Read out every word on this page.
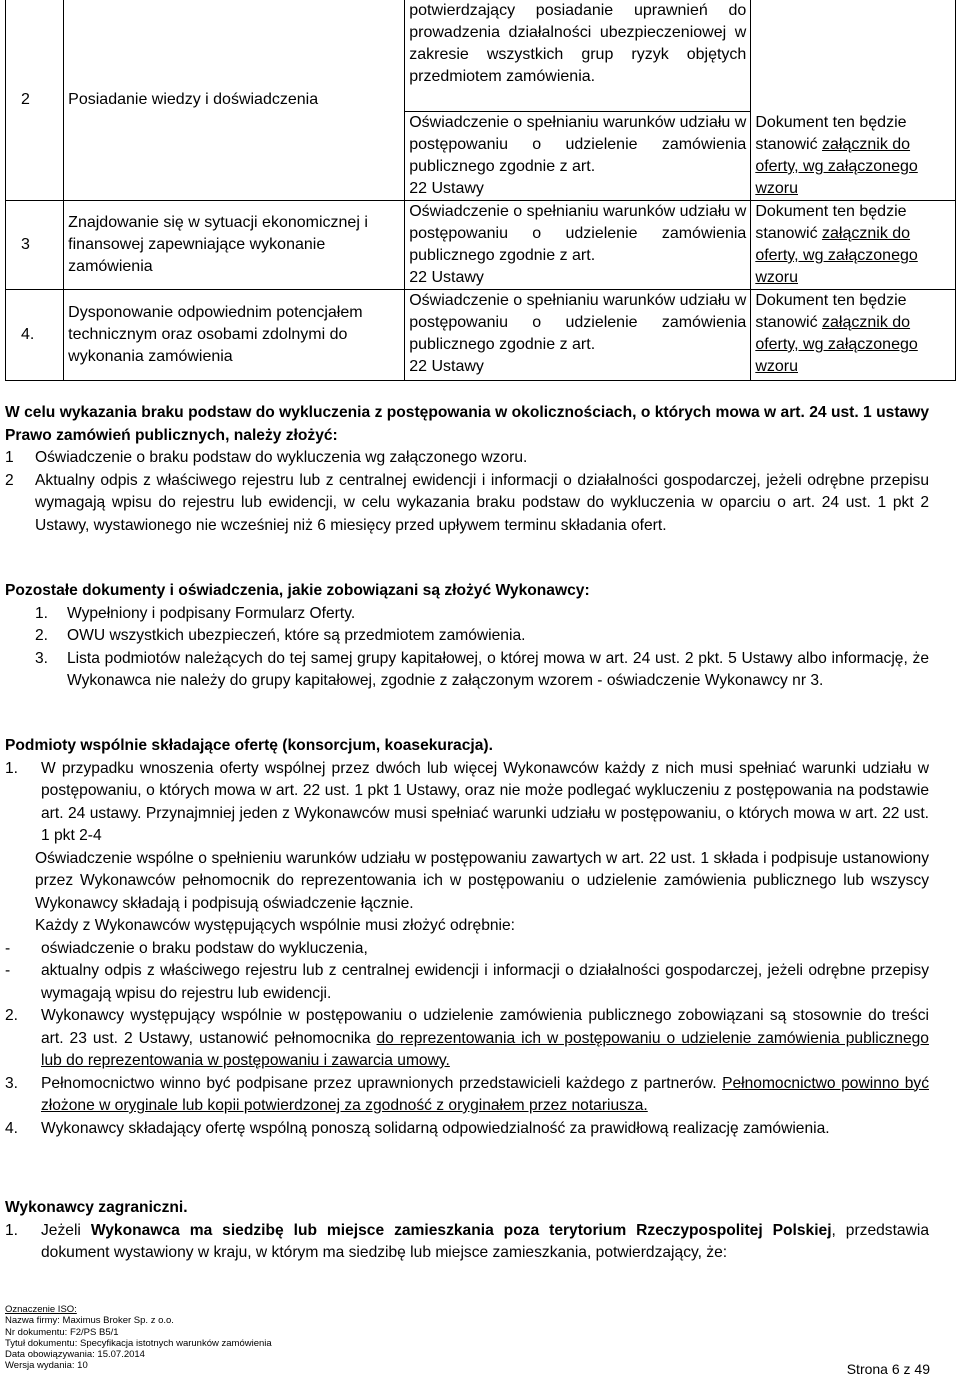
2	Posiadanie wiedzy i doświadczenia	potwierdzający posiadanie uprawnień do prowadzenia działalności ubezpieczeniowej w zakresie wszystkich grup ryzyk objętych przedmiotem zamówienia.	Dokument ten będzie
stanowić załącznik do
oferty, wg załączonego
wzoru
		Oświadczenie o spełnianiu warunków udziału w postępowaniu o udzielenie zamówienia publicznego zgodnie z art.
22 Ustawy	
3	Znajdowanie się w sytuacji ekonomicznej i finansowej zapewniające wykonanie zamówienia	Oświadczenie o spełnianiu warunków udziału w postępowaniu o udzielenie zamówienia publicznego zgodnie z art.
22 Ustawy	Dokument ten będzie
stanowić załącznik do
oferty, wg załączonego
wzoru
4.	Dysponowanie odpowiednim potencjałem technicznym oraz osobami zdolnymi do wykonania zamówienia	Oświadczenie o spełnianiu warunków udziału w postępowaniu o udzielenie zamówienia publicznego zgodnie z art.
22 Ustawy	Dokument ten będzie
stanowić załącznik do
oferty, wg załączonego
wzoru
W celu wykazania braku podstaw do wykluczenia z postępowania w okolicznościach, o których mowa w art. 24 ust. 1 ustawy Prawo zamówień publicznych, należy złożyć:
1 Oświadczenie o braku podstaw do wykluczenia wg załączonego wzoru.
2 Aktualny odpis z właściwego rejestru lub z centralnej ewidencji i informacji o działalności gospodarczej, jeżeli odrębne przepisu wymagają wpisu do rejestru lub ewidencji, w celu wykazania braku podstaw do wykluczenia w oparciu o art. 24 ust. 1 pkt 2 Ustawy, wystawionego nie wcześniej niż 6 miesięcy przed upływem terminu składania ofert.
Pozostałe dokumenty i oświadczenia, jakie zobowiązani są złożyć Wykonawcy:
1. Wypełniony i podpisany Formularz Oferty.
2. OWU wszystkich ubezpieczeń, które są przedmiotem zamówienia.
3. Lista podmiotów należących do tej samej grupy kapitałowej, o której mowa w art. 24 ust. 2 pkt. 5 Ustawy albo informację, że Wykonawca nie należy do grupy kapitałowej, zgodnie z załączonym wzorem - oświadczenie Wykonawcy nr 3.
Podmioty wspólnie składające ofertę (konsorcjum, koasekuracja).
1. W przypadku wnoszenia oferty wspólnej przez dwóch lub więcej Wykonawców każdy z nich musi spełniać warunki udziału w postępowaniu, o których mowa w art. 22 ust. 1 pkt 1 Ustawy, oraz nie może podlegać wykluczeniu z postępowania na podstawie art. 24 ustawy. Przynajmniej jeden z Wykonawców musi spełniać warunki udziału w postępowaniu, o których mowa w art. 22 ust. 1 pkt 2-4
Oświadczenie wspólne o spełnieniu warunków udziału w postępowaniu zawartych w art. 22 ust. 1 składa i podpisuje ustanowiony przez Wykonawców pełnomocnik do reprezentowania ich w postępowaniu o udzielenie zamówienia publicznego lub wszyscy Wykonawcy składają i podpisują oświadczenie łącznie.
Każdy z Wykonawców występujących wspólnie musi złożyć odrębnie:
- oświadczenie o braku podstaw do wykluczenia,
- aktualny odpis z właściwego rejestru lub z centralnej ewidencji i informacji o działalności gospodarczej, jeżeli odrębne przepisy wymagają wpisu do rejestru lub ewidencji.
2. Wykonawcy występujący wspólnie w postępowaniu o udzielenie zamówienia publicznego zobowiązani są stosownie do treści art. 23 ust. 2 Ustawy, ustanowić pełnomocnika do reprezentowania ich w postępowaniu o udzielenie zamówienia publicznego lub do reprezentowania w postępowaniu i zawarcia umowy.
3. Pełnomocnictwo winno być podpisane przez uprawnionych przedstawicieli każdego z partnerów. Pełnomocnictwo powinno być złożone w oryginale lub kopii potwierdzonej za zgodność z oryginałem przez notariusza.
4. Wykonawcy składający ofertę wspólną ponoszą solidarną odpowiedzialność za prawidłową realizację zamówienia.
Wykonawcy zagraniczni.
1. Jeżeli Wykonawca ma siedzibę lub miejsce zamieszkania poza terytorium Rzeczypospolitej Polskiej, przedstawia dokument wystawiony w kraju, w którym ma siedzibę lub miejsce zamieszkania, potwierdzający, że:
Oznaczenie ISO:
Nazwa firmy: Maximus Broker Sp. z o.o.
Nr dokumentu: F2/PS B5/1
Tytuł dokumentu: Specyfikacja istotnych warunków zamówienia
Data obowiązywania: 15.07.2014
Wersja wydania: 10	Strona 6 z 49
